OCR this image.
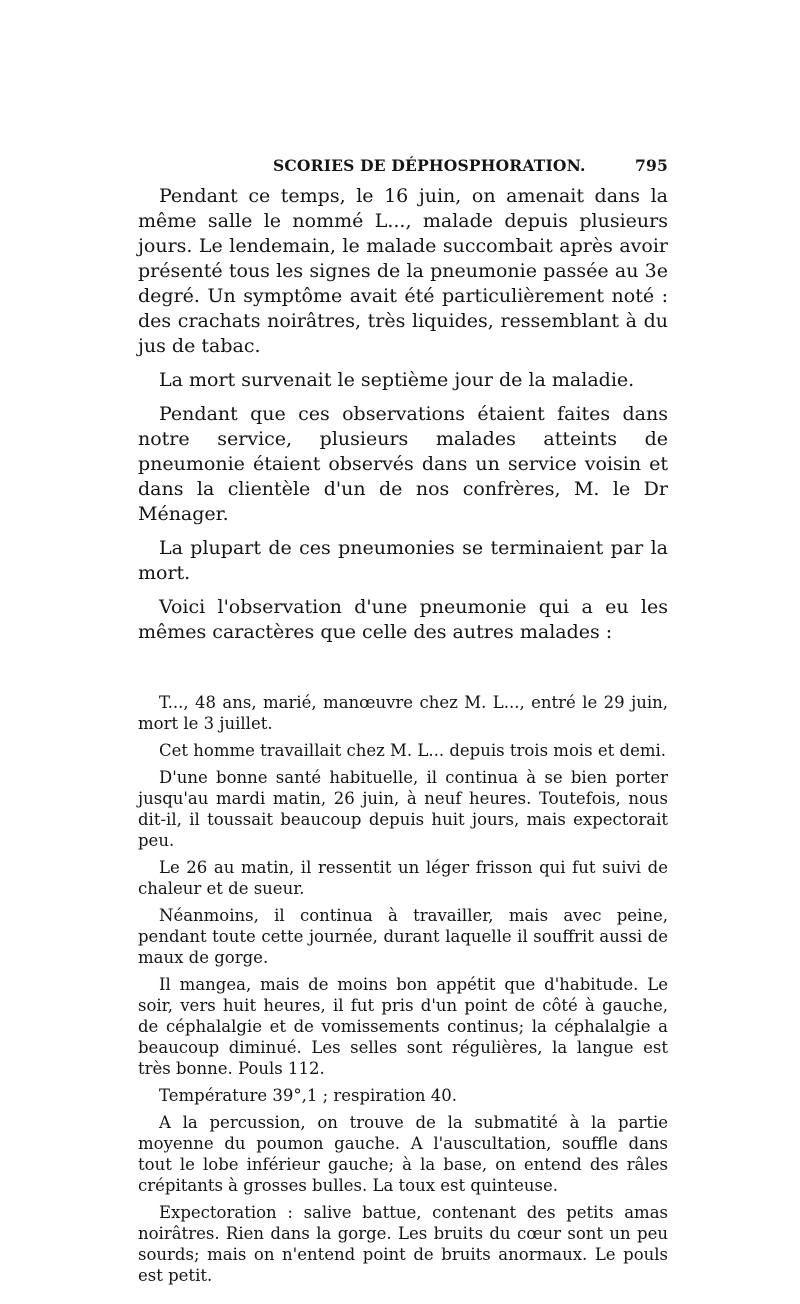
SCORIES DE DÉPHOSPHORATION.	795

Pendant ce temps, le 16 juin, on amenait dans la même salle le nommé L..., malade depuis plusieurs jours. Le lendemain, le malade succombait après avoir présenté tous les signes de la pneumonie passée au 3e degré. Un symptôme avait été particulièrement noté : des crachats noirâtres, très liquides, ressemblant à du jus de tabac.

La mort survenait le septième jour de la maladie.

Pendant que ces observations étaient faites dans notre service, plusieurs malades atteints de pneumonie étaient observés dans un service voisin et dans la clientèle d'un de nos confrères, M. le Dr Ménager.

La plupart de ces pneumonies se terminaient par la mort.

Voici l'observation d'une pneumonie qui a eu les mêmes caractères que celle des autres malades :

T..., 48 ans, marié, manœuvre chez M. L..., entré le 29 juin, mort le 3 juillet.

Cet homme travaillait chez M. L... depuis trois mois et demi.

D'une bonne santé habituelle, il continua à se bien porter jusqu'au mardi matin, 26 juin, à neuf heures. Toutefois, nous dit-il, il toussait beaucoup depuis huit jours, mais expectorait peu.

Le 26 au matin, il ressentit un léger frisson qui fut suivi de chaleur et de sueur.

Néanmoins, il continua à travailler, mais avec peine, pendant toute cette journée, durant laquelle il souffrit aussi de maux de gorge.

Il mangea, mais de moins bon appétit que d'habitude. Le soir, vers huit heures, il fut pris d'un point de côté à gauche, de céphalalgie et de vomissements continus; la céphalalgie a beaucoup diminué. Les selles sont régulières, la langue est très bonne. Pouls 112.

Température 39°,1 ; respiration 40.

A la percussion, on trouve de la submatité à la partie moyenne du poumon gauche. A l'auscultation, souffle dans tout le lobe inférieur gauche; à la base, on entend des râles crépitants à grosses bulles. La toux est quinteuse.

Expectoration : salive battue, contenant des petits amas noirâtres. Rien dans la gorge. Les bruits du cœur sont un peu sourds; mais on n'entend point de bruits anormaux. Le pouls est petit.
